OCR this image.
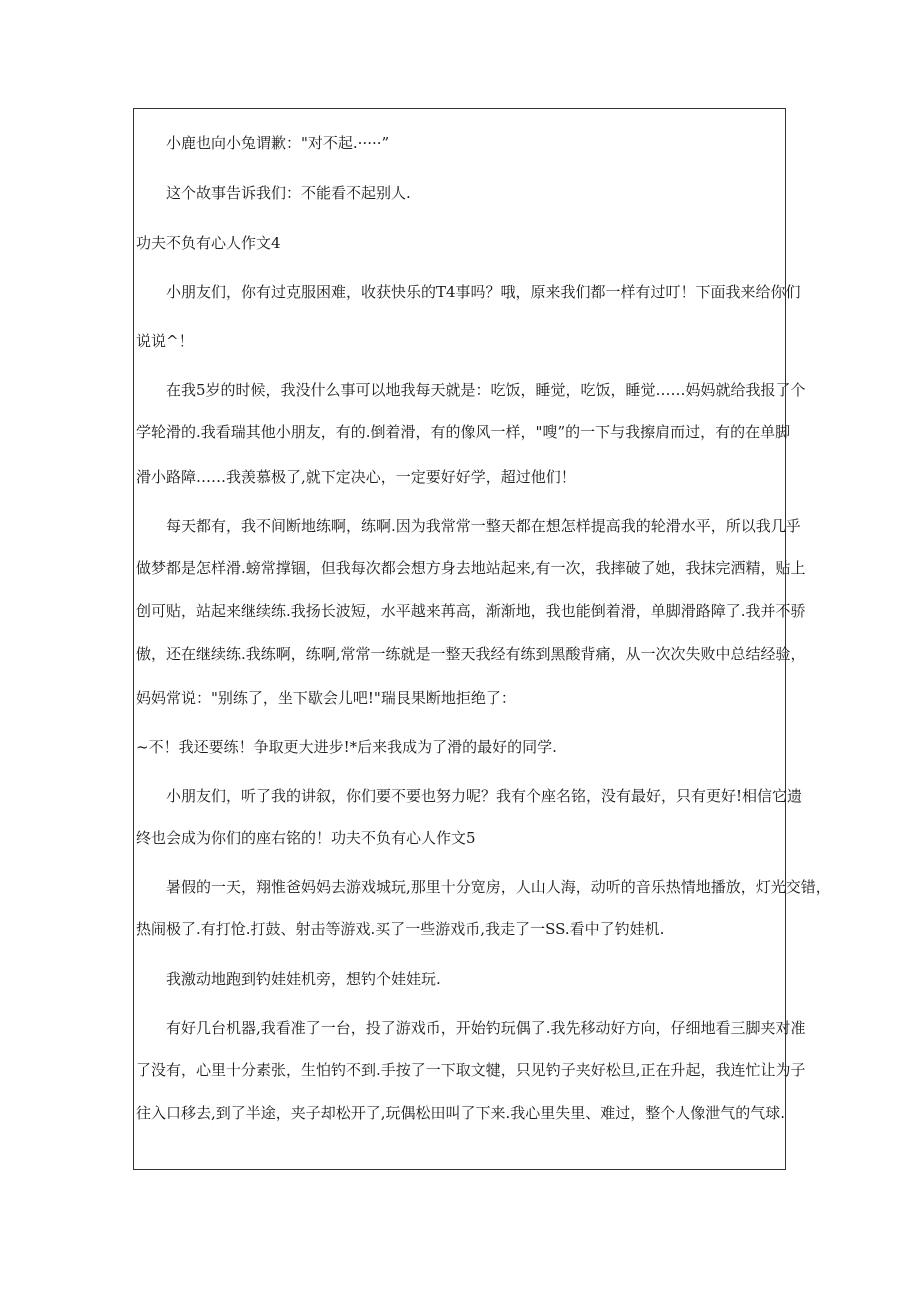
小鹿也向小兔谓歉："对不起.·····”

这个故事告诉我们：不能看不起别人.

功夫不负有心人作文4

小朋友们，你有过克服困难，收获快乐的T4事吗？哦，原来我们都一样有过叮！下面我来给你们

说说^！

在我5岁的时候，我没什么事可以地我每天就是：吃饭，睡觉，吃饭，睡觉……妈妈就给我报了个

学轮滑的.我看瑞其他小朋友，有的.倒着滑，有的像风一样，"嗖”的一下与我擦肩而过，有的在单脚

滑小路障……我羡慕极了,就下定决心，一定要好好学，超过他们！

每天都有，我不间断地练啊，练啊.因为我常常一整天都在想怎样提高我的轮滑水平，所以我几乎

做梦都是怎样滑.螃常撑锢，但我每次都会想方身去地站起来,有一次，我摔破了她，我抹完洒精，贴上

创可贴，站起来继续练.我扬长波短，水平越来苒高，渐渐地，我也能倒着滑，单脚滑路障了.我并不骄

傲，还在继续练.我练啊，练啊,常常一练就是一整天我经有练到黑酸背痛，从一次次失败中总结经验，

妈妈常说："别练了，坐下歇会儿吧!"瑞艮果断地拒绝了：

~不！我还要练！争取更大进步!*后来我成为了滑的最好的同学.

小朋友们，听了我的讲叙，你们要不要也努力呢？我有个座名铭，没有最好，只有更好!相信它遗

终也会成为你们的座右铭的！功夫不负有心人作文5

暑假的一天，翔惟爸妈妈去游戏城玩,那里十分宽房，人山人海，动听的音乐热情地播放，灯光交错，

热闹极了.有打怆.打鼓、射击等游戏.买了一些游戏币,我走了一SS.看中了钓娃机.

我激动地跑到钓娃娃机旁，想钓个娃娃玩.

有好几台机器,我看准了一台，投了游戏币，开始钓玩偶了.我先移动好方向，仔细地看三脚夹对准

了没有，心里十分素张，生怕钓不到.手按了一下取文犍，只见钓子夹好松旦,正在升起，我连忙让为子

往入口移去,到了半途，夹子却松开了,玩偶松田叫了下来.我心里失里、难过，整个人像泄气的气球.
